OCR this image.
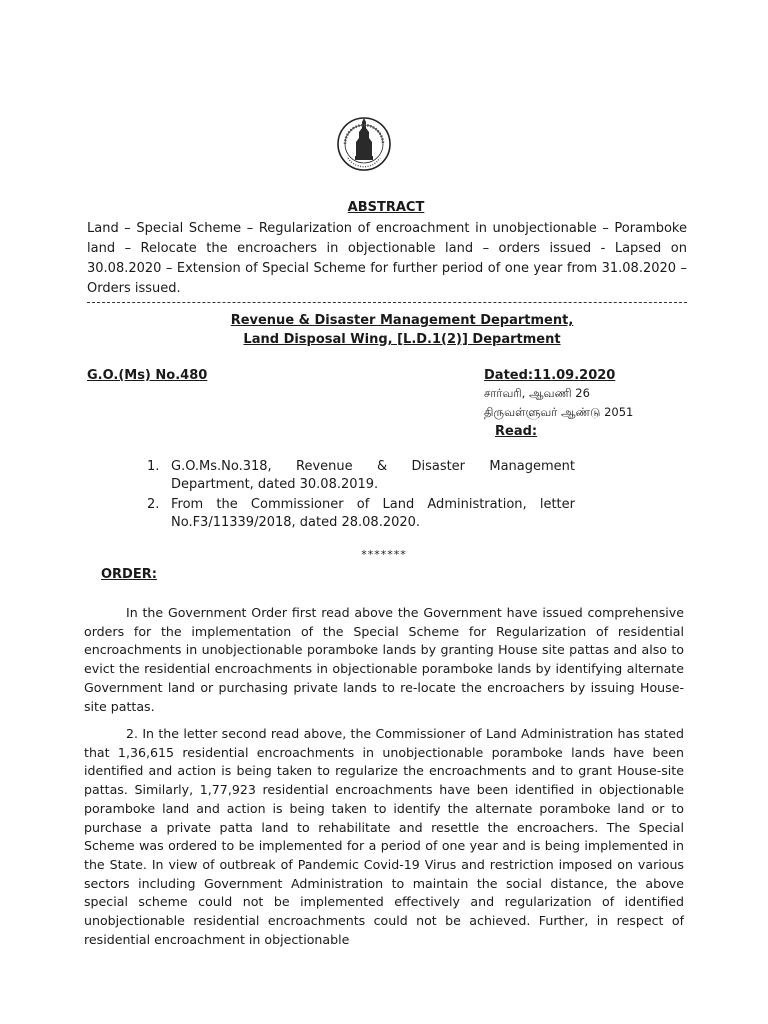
ABSTRACT
Land – Special Scheme – Regularization of encroachment in unobjectionable – Poramboke land – Relocate the encroachers in objectionable land – orders issued - Lapsed on 30.08.2020 – Extension of Special Scheme for further period of one year from 31.08.2020 – Orders issued.
Revenue & Disaster Management Department,
Land Disposal Wing, [L.D.1(2)] Department
G.O.(Ms) No.480	Dated:11.09.2020
சார்வரி, ஆவணி 26
திருவள்ளுவர் ஆண்டு 2051
Read:
1. G.O.Ms.No.318, Revenue & Disaster Management Department, dated 30.08.2019.
2. From the Commissioner of Land Administration, letter No.F3/11339/2018, dated 28.08.2020.
*******
ORDER:

In the Government Order first read above the Government have issued comprehensive orders for the implementation of the Special Scheme for Regularization of residential encroachments in unobjectionable poramboke lands by granting House site pattas and also to evict the residential encroachments in objectionable poramboke lands by identifying alternate Government land or purchasing private lands to re-locate the encroachers by issuing House-site pattas.

2. In the letter second read above, the Commissioner of Land Administration has stated that 1,36,615 residential encroachments in unobjectionable poramboke lands have been identified and action is being taken to regularize the encroachments and to grant House-site pattas. Similarly, 1,77,923 residential encroachments have been identified in objectionable poramboke land and action is being taken to identify the alternate poramboke land or to purchase a private patta land to rehabilitate and resettle the encroachers. The Special Scheme was ordered to be implemented for a period of one year and is being implemented in the State. In view of outbreak of Pandemic Covid-19 Virus and restriction imposed on various sectors including Government Administration to maintain the social distance, the above special scheme could not be implemented effectively and regularization of identified unobjectionable residential encroachments could not be achieved. Further, in respect of residential encroachment in objectionable
